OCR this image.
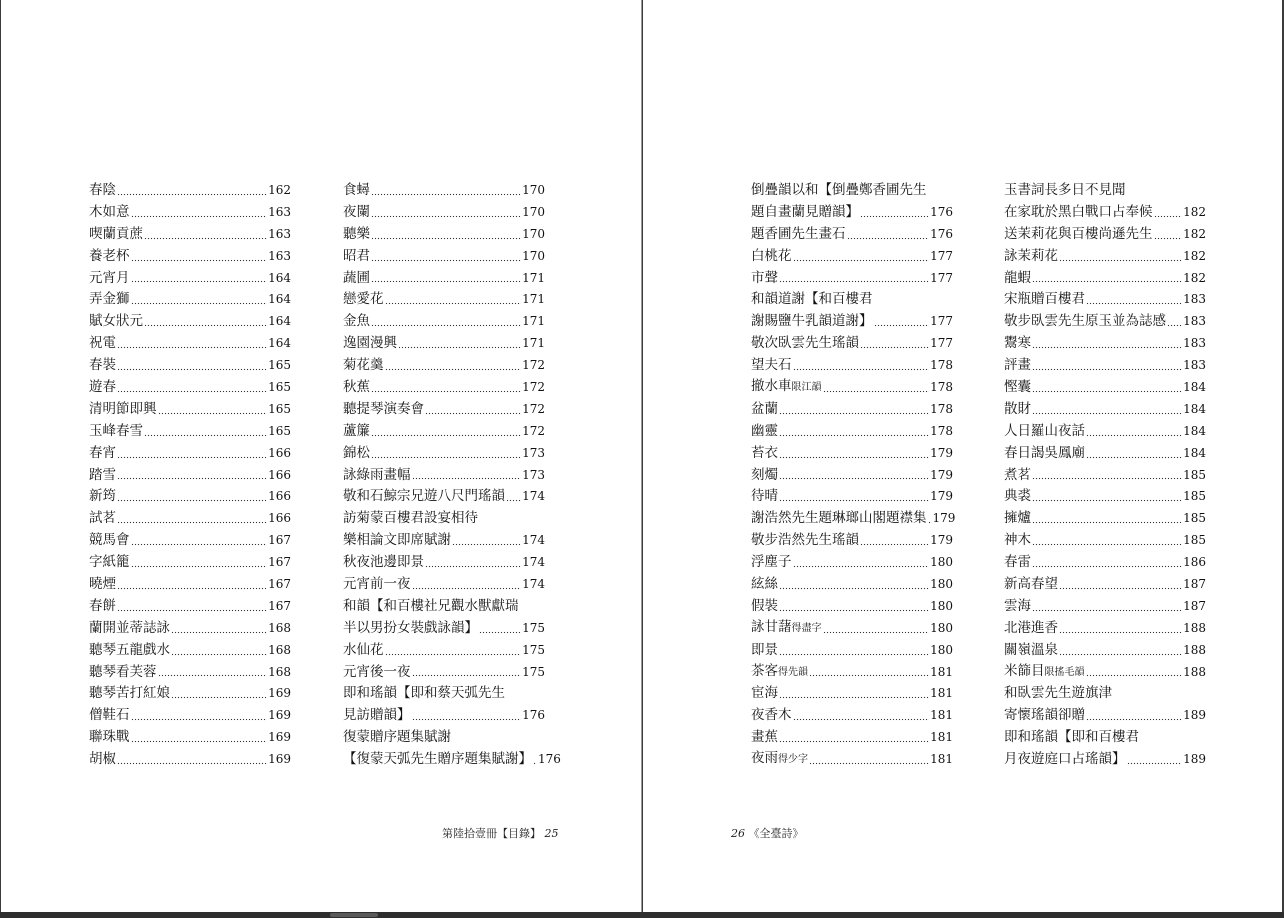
春陰	162
木如意	163
喫蘭貢蔗	163
養老杯	163
元宵月	164
弄金獅	164
賦女狀元	164
祝電	164
春裝	165
遊春	165
清明節即興	165
玉峰春雪	165
春宵	166
踏雪	166
新筠	166
試茗	166
競馬會	167
字紙籠	167
曉煙	167
春餅	167
蘭開並蒂誌詠	168
聽琴五龍戲水	168
聽琴看芙蓉	168
聽琴苦打紅娘	169
僧鞋石	169
聯珠戰	169
胡椒	169
食蟳	170
夜闌	170
聽樂	170
昭君	170
蔬圃	171
戀愛花	171
金魚	171
逸園漫興	171
菊花羹	172
秋蕉	172
聽提琴演奏會	172
蘆簾	172
錦松	173
詠綠雨畫幅	173
敬和石鯨宗兄遊八尺門瑤韻 174
訪菊蒙百樓君設宴相待
樂相論文即席賦謝	174
秋夜池邊即景	174
元宵前一夜	174
和韻【和百樓社兄觀水獸獻瑞
半以男扮女裝戲詠韻】	175
水仙花	175
元宵後一夜	175
即和瑤韻【即和蔡天弧先生
見訪贈韻】	176
復蒙贈序題集賦謝
【復蒙天弧先生贈序題集賦謝】 176
第陸拾壹冊【目錄】 25
倒疊韻以和【倒疊鄭香圃先生
題自畫蘭見贈韻】	176
題香圃先生畫石	176
白桃花	177
市聲	177
和韻道謝【和百樓君
謝賜鹽牛乳韻道謝】	177
敬次臥雲先生瑤韻	177
望夫石	178
撤水車限江韻	178
盆蘭	178
幽靈	178
苔衣	179
刻燭	179
待晴	179
謝浩然先生題琳瑯山閣題襟集 179
敬步浩然先生瑤韻	179
浮塵子	180
絃絲	180
假裝	180
詠甘藷得盡字	180
即景	180
茶客得先韻	181
宦海	181
夜香木	181
畫蕉	181
夜雨得少字	181
玉書詞長多日不見聞
在家耽於黑白戰口占奉候	182
送茉莉花與百樓尚遜先生	182
詠茉莉花	182
龍蝦	182
宋瓶贈百樓君	183
敬步臥雲先生原玉並為誌感 183
鬻寒	183
評畫	183
慳囊	184
散財	184
人日羅山夜話	184
春日謁吳鳳廟	184
煮茗	185
典裘	185
擁爐	185
神木	185
春雷	186
新高春望	187
雲海	187
北港進香	188
關嶺溫泉	188
米篩目限搖毛韻	188
和臥雲先生遊旗津
寄懷瑤韻卻贈	189
即和瑤韻【即和百樓君
月夜遊庭口占瑤韻】	189
26 《全臺詩》
